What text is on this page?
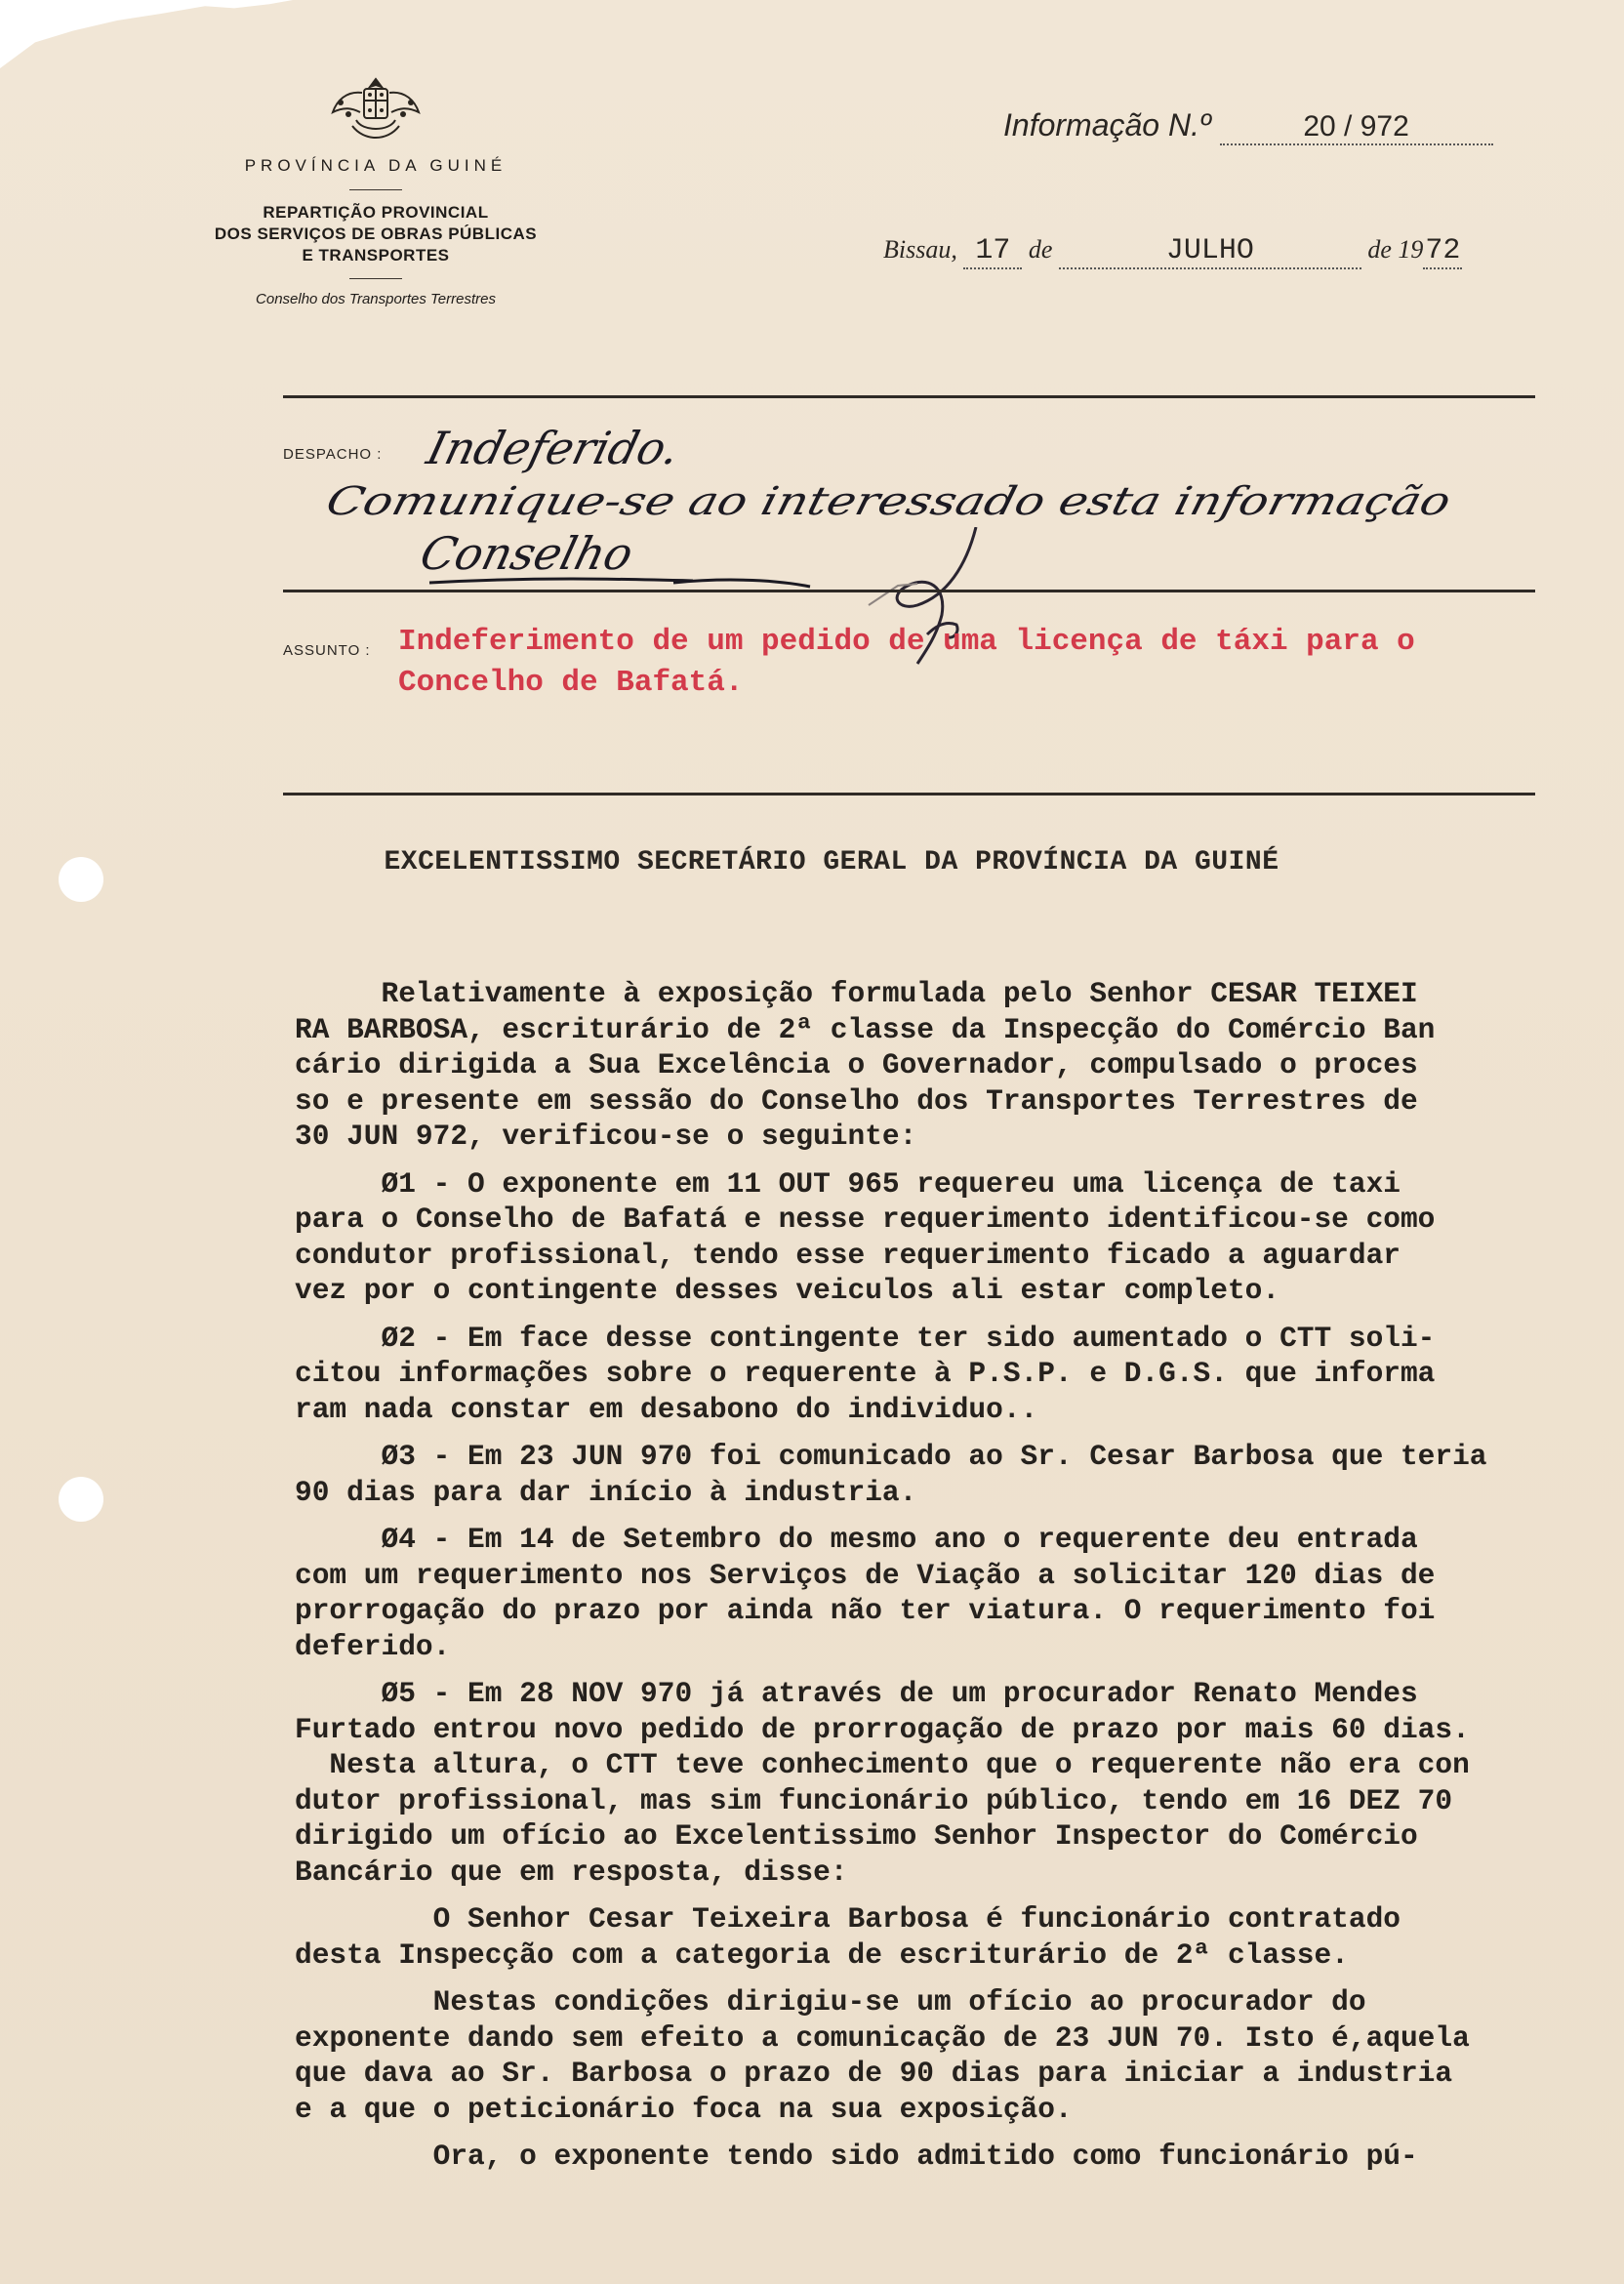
PROVÍNCIA DA GUINÉ
REPARTIÇÃO PROVINCIAL
DOS SERVIÇOS DE OBRAS PÚBLICAS
E TRANSPORTES
Conselho dos Transportes Terrestres
Informação N.º	20 / 972
Bissau, 17 de	JULHO	de 1972
DESPACHO : Indeferido.
Comunique-se ao interessado esta informação
Conselho
ASSUNTO : Indeferimento de um pedido de uma licença de táxi para o
Concelho de Bafatá.
EXCELENTISSIMO SECRETÁRIO GERAL DA PROVÍNCIA DA GUINÉ

Relativamente à exposição formulada pelo Senhor CESAR TEIXEI

RA BARBOSA, escriturário de 2ª classe da Inspecção do Comércio Ban

cário dirigida a Sua Excelência o Governador, compulsado o proces

so e presente em sessão do Conselho dos Transportes Terrestres de

30 JUN 972, verificou-se o seguinte:

Ø1 - O exponente em 11 OUT 965 requereu uma licença de taxi

para o Conselho de Bafatá e nesse requerimento identificou-se como

condutor profissional, tendo esse requerimento ficado a aguardar

vez por o contingente desses veiculos ali estar completo.

Ø2 - Em face desse contingente ter sido aumentado o CTT soli-

citou informações sobre o requerente à P.S.P. e D.G.S. que informa

ram nada constar em desabono do individuo..

Ø3 - Em 23 JUN 970 foi comunicado ao Sr. Cesar Barbosa que teria

90 dias para dar início à industria.

Ø4 - Em 14 de Setembro do mesmo ano o requerente deu entrada

com um requerimento nos Serviços de Viação a solicitar 120 dias de

prorrogação do prazo por ainda não ter viatura. O requerimento foi

deferido.

Ø5 - Em 28 NOV 970 já através de um procurador Renato Mendes

Furtado entrou novo pedido de prorrogação de prazo por mais 60 dias.

Nesta altura, o CTT teve conhecimento que o requerente não era con

dutor profissional, mas sim funcionário público, tendo em 16 DEZ 70

dirigido um ofício ao Excelentissimo Senhor Inspector do Comércio

Bancário que em resposta, disse:

O Senhor Cesar Teixeira Barbosa é funcionário contratado

desta Inspecção com a categoria de escriturário de 2ª classe.

Nestas condições dirigiu-se um ofício ao procurador do

exponente dando sem efeito a comunicação de 23 JUN 70. Isto é,aquela

que dava ao Sr. Barbosa o prazo de 90 dias para iniciar a industria

e a que o peticionário foca na sua exposição.

Ora, o exponente tendo sido admitido como funcionário pú-
